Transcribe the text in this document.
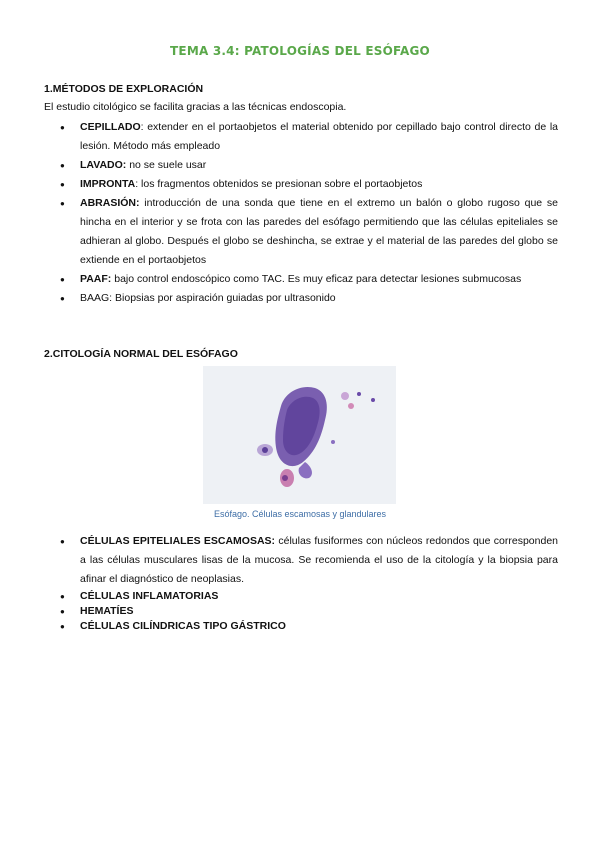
TEMA 3.4: PATOLOGÍAS DEL ESÓFAGO
1.MÉTODOS DE EXPLORACIÓN
El estudio citológico se facilita gracias a las técnicas endoscopia.
● CEPILLADO: extender en el portaobjetos el material obtenido por cepillado bajo control directo de la lesión. Método más empleado
● LAVADO: no se suele usar
● IMPRONTA: los fragmentos obtenidos se presionan sobre el portaobjetos
● ABRASIÓN: introducción de una sonda que tiene en el extremo un balón o globo rugoso que se hincha en el interior y se frota con las paredes del esófago permitiendo que las células epiteliales se adhieran al globo. Después el globo se deshincha, se extrae y el material de las paredes del globo se extiende en el portaobjetos
● PAAF: bajo control endoscópico como TAC. Es muy eficaz para detectar lesiones submucosas
● BAAG: Biopsias por aspiración guiadas por ultrasonido
2.CITOLOGÍA NORMAL DEL ESÓFAGO
Esófago. Células escamosas y glandulares
● CÉLULAS EPITELIALES ESCAMOSAS: células fusiformes con núcleos redondos que corresponden a las células musculares lisas de la mucosa. Se recomienda el uso de la citología y la biopsia para afinar el diagnóstico de neoplasias.
● CÉLULAS INFLAMATORIAS
● HEMATÍES
● CÉLULAS CILÍNDRICAS TIPO GÁSTRICO
